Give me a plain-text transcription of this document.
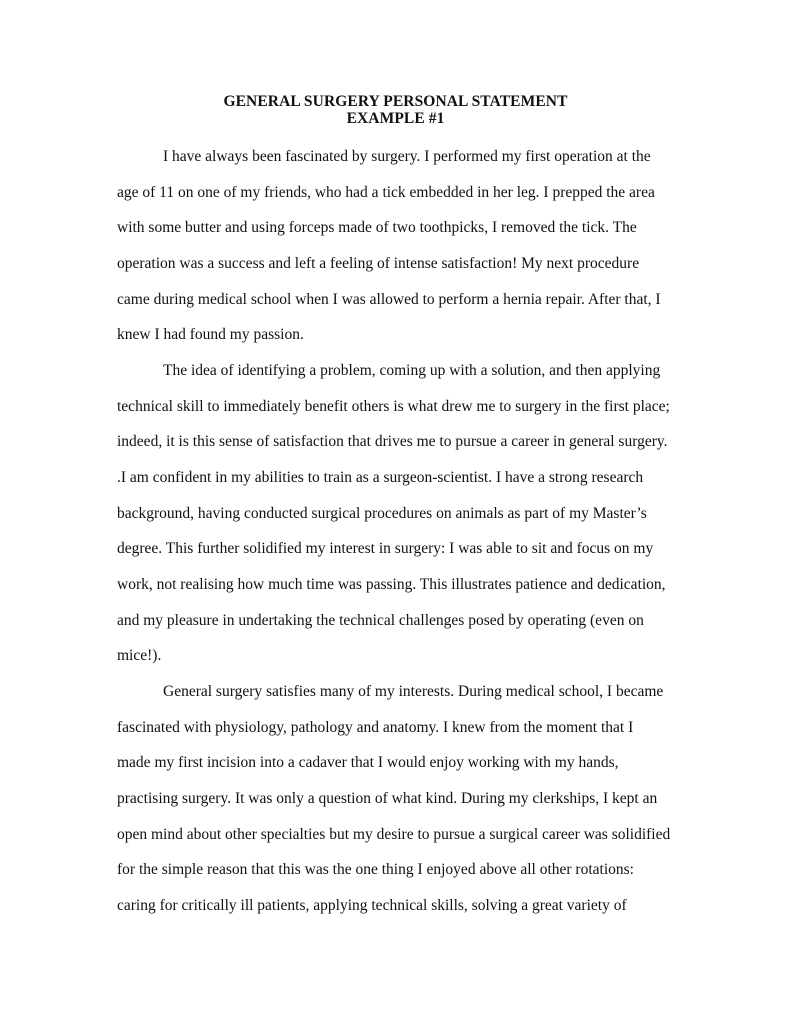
GENERAL SURGERY PERSONAL STATEMENT
EXAMPLE #1

I have always been fascinated by surgery. I performed my first operation at the

age of 11 on one of my friends, who had a tick embedded in her leg. I prepped the area

with some butter and using forceps made of two toothpicks, I removed the tick. The

operation was a success and left a feeling of intense satisfaction! My next procedure

came during medical school when I was allowed to perform a hernia repair. After that, I

knew I had found my passion.

The idea of identifying a problem, coming up with a solution, and then applying

technical skill to immediately benefit others is what drew me to surgery in the first place;

indeed, it is this sense of satisfaction that drives me to pursue a career in general surgery.

.I am confident in my abilities to train as a surgeon-scientist. I have a strong research

background, having conducted surgical procedures on animals as part of my Master’s

degree. This further solidified my interest in surgery: I was able to sit and focus on my

work, not realising how much time was passing. This illustrates patience and dedication,

and my pleasure in undertaking the technical challenges posed by operating (even on

mice!).

General surgery satisfies many of my interests. During medical school, I became

fascinated with physiology, pathology and anatomy. I knew from the moment that I

made my first incision into a cadaver that I would enjoy working with my hands,

practising surgery. It was only a question of what kind. During my clerkships, I kept an

open mind about other specialties but my desire to pursue a surgical career was solidified

for the simple reason that this was the one thing I enjoyed above all other rotations:

caring for critically ill patients, applying technical skills, solving a great variety of
